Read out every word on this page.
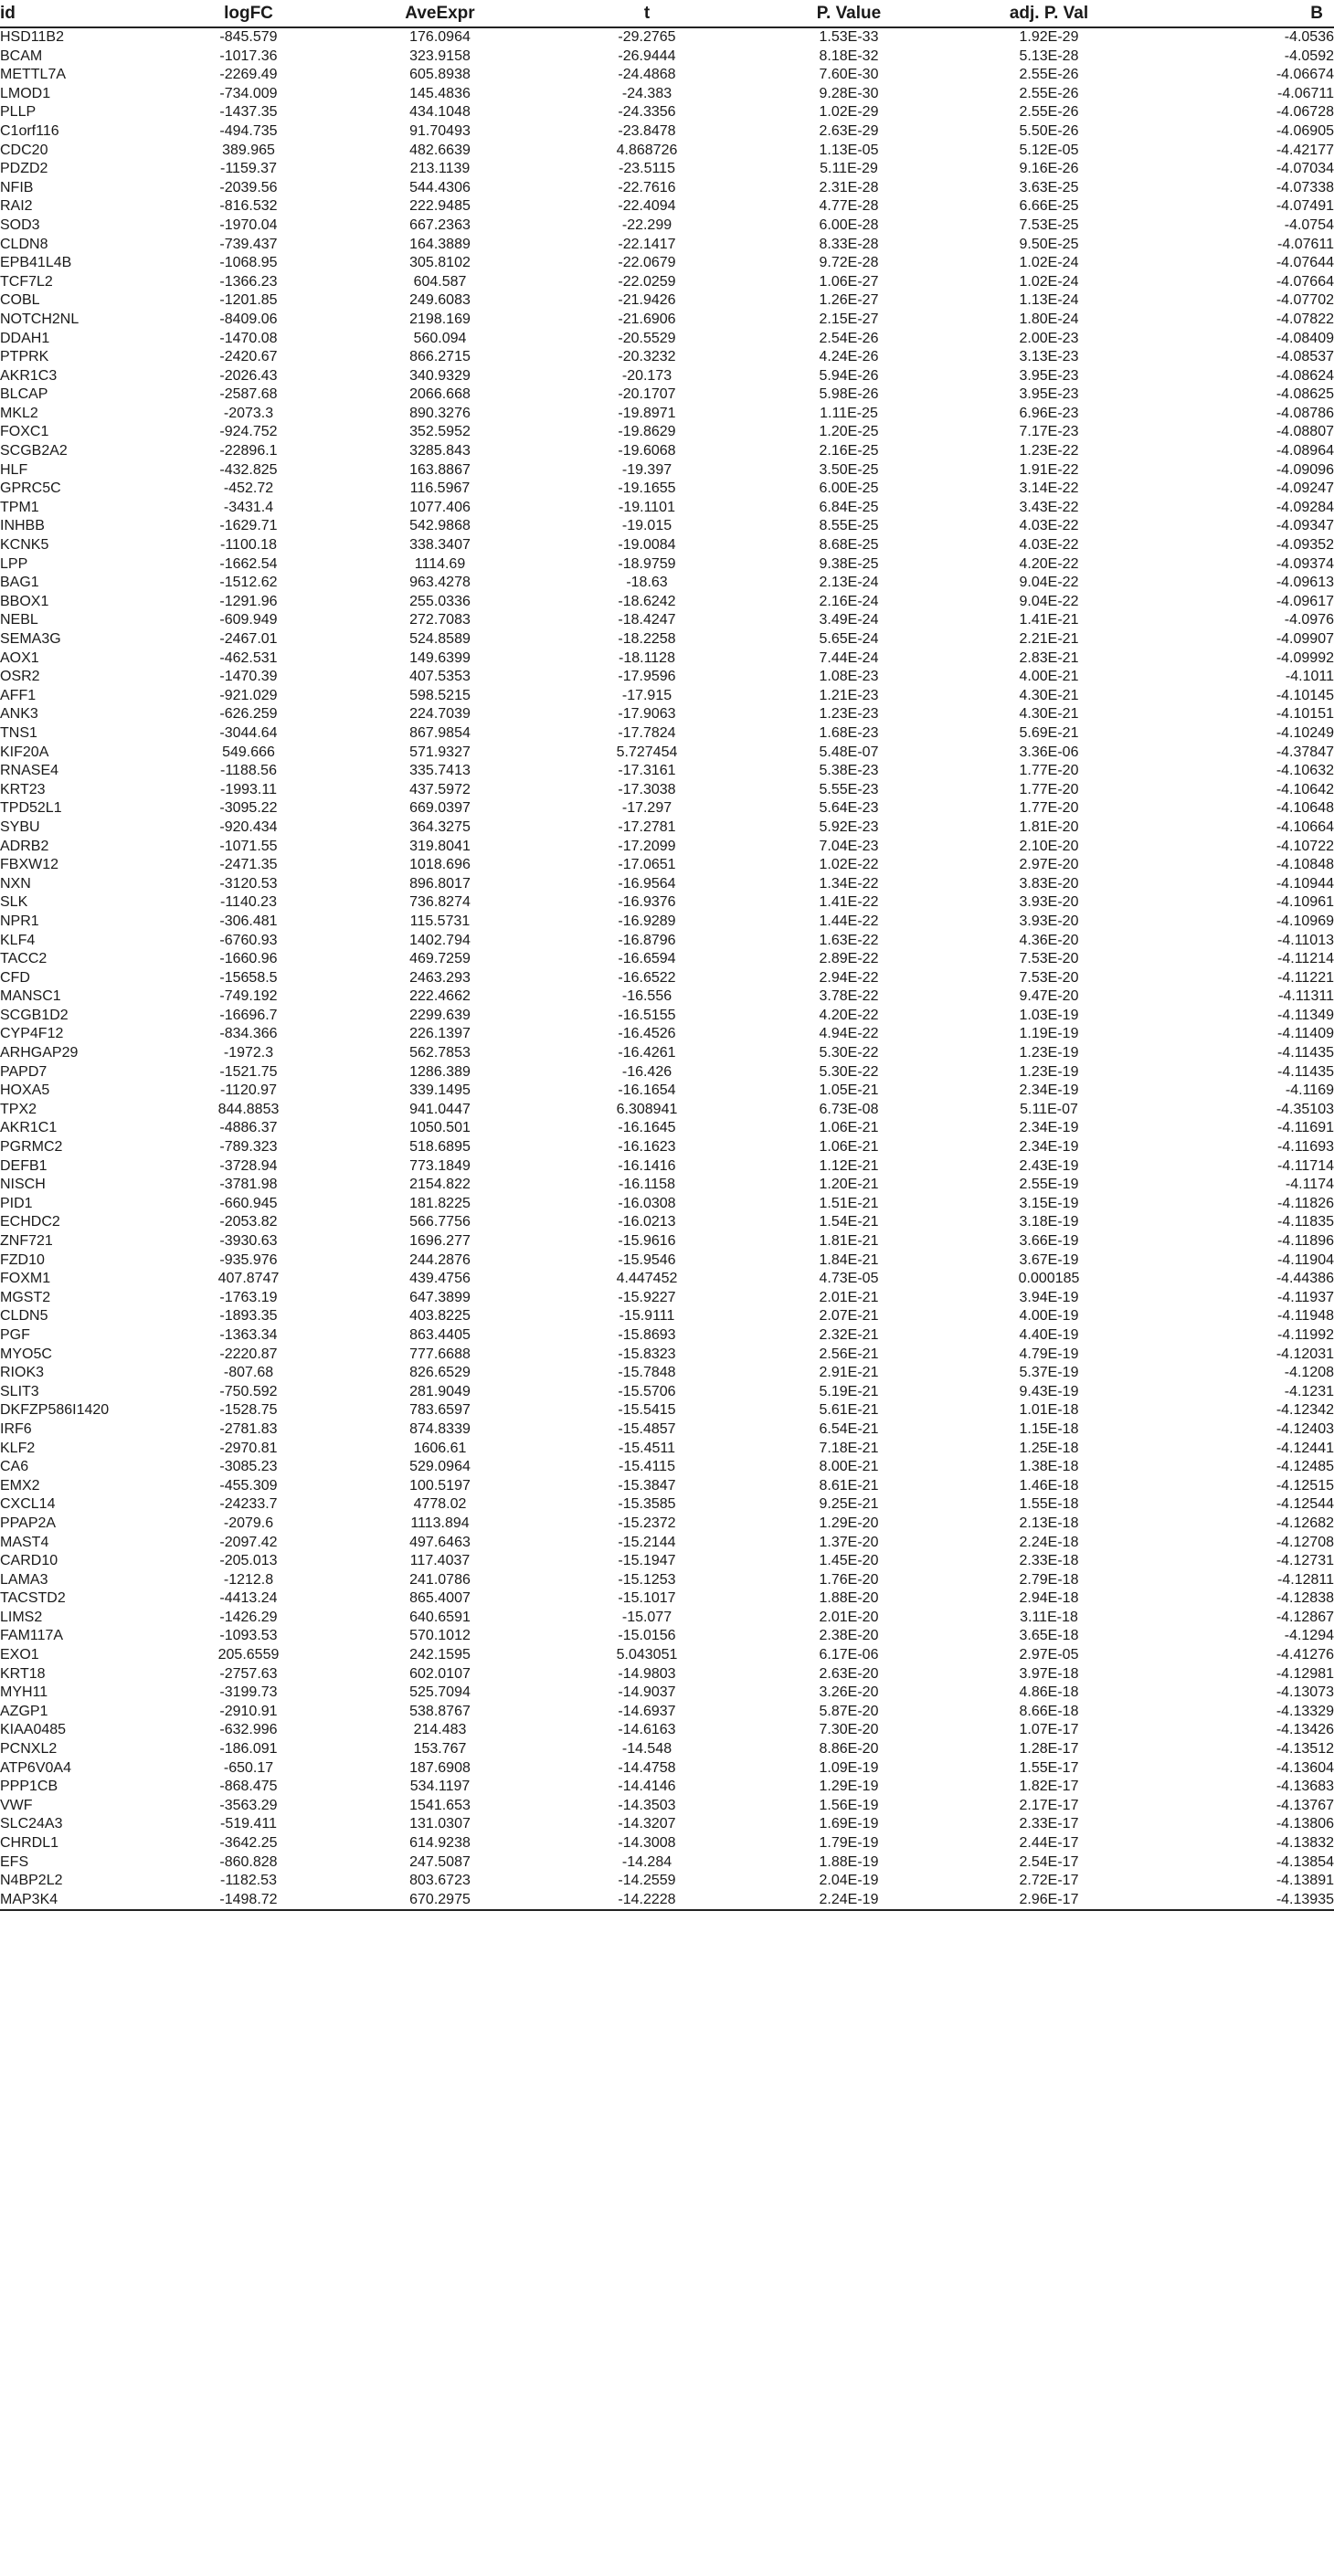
id	logFC	AveExpr	t	P. Value	adj. P. Val	B
HSD11B2	-845.579	176.0964	-29.2765	1.53E-33	1.92E-29	-4.0536
BCAM	-1017.36	323.9158	-26.9444	8.18E-32	5.13E-28	-4.0592
METTL7A	-2269.49	605.8938	-24.4868	7.60E-30	2.55E-26	-4.06674
LMOD1	-734.009	145.4836	-24.383	9.28E-30	2.55E-26	-4.06711
PLLP	-1437.35	434.1048	-24.3356	1.02E-29	2.55E-26	-4.06728
C1orf116	-494.735	91.70493	-23.8478	2.63E-29	5.50E-26	-4.06905
CDC20	389.965	482.6639	4.868726	1.13E-05	5.12E-05	-4.42177
PDZD2	-1159.37	213.1139	-23.5115	5.11E-29	9.16E-26	-4.07034
NFIB	-2039.56	544.4306	-22.7616	2.31E-28	3.63E-25	-4.07338
RAI2	-816.532	222.9485	-22.4094	4.77E-28	6.66E-25	-4.07491
SOD3	-1970.04	667.2363	-22.299	6.00E-28	7.53E-25	-4.0754
CLDN8	-739.437	164.3889	-22.1417	8.33E-28	9.50E-25	-4.07611
EPB41L4B	-1068.95	305.8102	-22.0679	9.72E-28	1.02E-24	-4.07644
TCF7L2	-1366.23	604.587	-22.0259	1.06E-27	1.02E-24	-4.07664
COBL	-1201.85	249.6083	-21.9426	1.26E-27	1.13E-24	-4.07702
NOTCH2NL	-8409.06	2198.169	-21.6906	2.15E-27	1.80E-24	-4.07822
DDAH1	-1470.08	560.094	-20.5529	2.54E-26	2.00E-23	-4.08409
PTPRK	-2420.67	866.2715	-20.3232	4.24E-26	3.13E-23	-4.08537
AKR1C3	-2026.43	340.9329	-20.173	5.94E-26	3.95E-23	-4.08624
BLCAP	-2587.68	2066.668	-20.1707	5.98E-26	3.95E-23	-4.08625
MKL2	-2073.3	890.3276	-19.8971	1.11E-25	6.96E-23	-4.08786
FOXC1	-924.752	352.5952	-19.8629	1.20E-25	7.17E-23	-4.08807
SCGB2A2	-22896.1	3285.843	-19.6068	2.16E-25	1.23E-22	-4.08964
HLF	-432.825	163.8867	-19.397	3.50E-25	1.91E-22	-4.09096
GPRC5C	-452.72	116.5967	-19.1655	6.00E-25	3.14E-22	-4.09247
TPM1	-3431.4	1077.406	-19.1101	6.84E-25	3.43E-22	-4.09284
INHBB	-1629.71	542.9868	-19.015	8.55E-25	4.03E-22	-4.09347
KCNK5	-1100.18	338.3407	-19.0084	8.68E-25	4.03E-22	-4.09352
LPP	-1662.54	1114.69	-18.9759	9.38E-25	4.20E-22	-4.09374
BAG1	-1512.62	963.4278	-18.63	2.13E-24	9.04E-22	-4.09613
BBOX1	-1291.96	255.0336	-18.6242	2.16E-24	9.04E-22	-4.09617
NEBL	-609.949	272.7083	-18.4247	3.49E-24	1.41E-21	-4.0976
SEMA3G	-2467.01	524.8589	-18.2258	5.65E-24	2.21E-21	-4.09907
AOX1	-462.531	149.6399	-18.1128	7.44E-24	2.83E-21	-4.09992
OSR2	-1470.39	407.5353	-17.9596	1.08E-23	4.00E-21	-4.1011
AFF1	-921.029	598.5215	-17.915	1.21E-23	4.30E-21	-4.10145
ANK3	-626.259	224.7039	-17.9063	1.23E-23	4.30E-21	-4.10151
TNS1	-3044.64	867.9854	-17.7824	1.68E-23	5.69E-21	-4.10249
KIF20A	549.666	571.9327	5.727454	5.48E-07	3.36E-06	-4.37847
RNASE4	-1188.56	335.7413	-17.3161	5.38E-23	1.77E-20	-4.10632
KRT23	-1993.11	437.5972	-17.3038	5.55E-23	1.77E-20	-4.10642
TPD52L1	-3095.22	669.0397	-17.297	5.64E-23	1.77E-20	-4.10648
SYBU	-920.434	364.3275	-17.2781	5.92E-23	1.81E-20	-4.10664
ADRB2	-1071.55	319.8041	-17.2099	7.04E-23	2.10E-20	-4.10722
FBXW12	-2471.35	1018.696	-17.0651	1.02E-22	2.97E-20	-4.10848
NXN	-3120.53	896.8017	-16.9564	1.34E-22	3.83E-20	-4.10944
SLK	-1140.23	736.8274	-16.9376	1.41E-22	3.93E-20	-4.10961
NPR1	-306.481	115.5731	-16.9289	1.44E-22	3.93E-20	-4.10969
KLF4	-6760.93	1402.794	-16.8796	1.63E-22	4.36E-20	-4.11013
TACC2	-1660.96	469.7259	-16.6594	2.89E-22	7.53E-20	-4.11214
CFD	-15658.5	2463.293	-16.6522	2.94E-22	7.53E-20	-4.11221
MANSC1	-749.192	222.4662	-16.556	3.78E-22	9.47E-20	-4.11311
SCGB1D2	-16696.7	2299.639	-16.5155	4.20E-22	1.03E-19	-4.11349
CYP4F12	-834.366	226.1397	-16.4526	4.94E-22	1.19E-19	-4.11409
ARHGAP29	-1972.3	562.7853	-16.4261	5.30E-22	1.23E-19	-4.11435
PAPD7	-1521.75	1286.389	-16.426	5.30E-22	1.23E-19	-4.11435
HOXA5	-1120.97	339.1495	-16.1654	1.05E-21	2.34E-19	-4.1169
TPX2	844.8853	941.0447	6.308941	6.73E-08	5.11E-07	-4.35103
AKR1C1	-4886.37	1050.501	-16.1645	1.06E-21	2.34E-19	-4.11691
PGRMC2	-789.323	518.6895	-16.1623	1.06E-21	2.34E-19	-4.11693
DEFB1	-3728.94	773.1849	-16.1416	1.12E-21	2.43E-19	-4.11714
NISCH	-3781.98	2154.822	-16.1158	1.20E-21	2.55E-19	-4.1174
PID1	-660.945	181.8225	-16.0308	1.51E-21	3.15E-19	-4.11826
ECHDC2	-2053.82	566.7756	-16.0213	1.54E-21	3.18E-19	-4.11835
ZNF721	-3930.63	1696.277	-15.9616	1.81E-21	3.66E-19	-4.11896
FZD10	-935.976	244.2876	-15.9546	1.84E-21	3.67E-19	-4.11904
FOXM1	407.8747	439.4756	4.447452	4.73E-05	0.000185	-4.44386
MGST2	-1763.19	647.3899	-15.9227	2.01E-21	3.94E-19	-4.11937
CLDN5	-1893.35	403.8225	-15.9111	2.07E-21	4.00E-19	-4.11948
PGF	-1363.34	863.4405	-15.8693	2.32E-21	4.40E-19	-4.11992
MYO5C	-2220.87	777.6688	-15.8323	2.56E-21	4.79E-19	-4.12031
RIOK3	-807.68	826.6529	-15.7848	2.91E-21	5.37E-19	-4.1208
SLIT3	-750.592	281.9049	-15.5706	5.19E-21	9.43E-19	-4.1231
DKFZP586I1420	-1528.75	783.6597	-15.5415	5.61E-21	1.01E-18	-4.12342
IRF6	-2781.83	874.8339	-15.4857	6.54E-21	1.15E-18	-4.12403
KLF2	-2970.81	1606.61	-15.4511	7.18E-21	1.25E-18	-4.12441
CA6	-3085.23	529.0964	-15.4115	8.00E-21	1.38E-18	-4.12485
EMX2	-455.309	100.5197	-15.3847	8.61E-21	1.46E-18	-4.12515
CXCL14	-24233.7	4778.02	-15.3585	9.25E-21	1.55E-18	-4.12544
PPAP2A	-2079.6	1113.894	-15.2372	1.29E-20	2.13E-18	-4.12682
MAST4	-2097.42	497.6463	-15.2144	1.37E-20	2.24E-18	-4.12708
CARD10	-205.013	117.4037	-15.1947	1.45E-20	2.33E-18	-4.12731
LAMA3	-1212.8	241.0786	-15.1253	1.76E-20	2.79E-18	-4.12811
TACSTD2	-4413.24	865.4007	-15.1017	1.88E-20	2.94E-18	-4.12838
LIMS2	-1426.29	640.6591	-15.077	2.01E-20	3.11E-18	-4.12867
FAM117A	-1093.53	570.1012	-15.0156	2.38E-20	3.65E-18	-4.1294
EXO1	205.6559	242.1595	5.043051	6.17E-06	2.97E-05	-4.41276
KRT18	-2757.63	602.0107	-14.9803	2.63E-20	3.97E-18	-4.12981
MYH11	-3199.73	525.7094	-14.9037	3.26E-20	4.86E-18	-4.13073
AZGP1	-2910.91	538.8767	-14.6937	5.87E-20	8.66E-18	-4.13329
KIAA0485	-632.996	214.483	-14.6163	7.30E-20	1.07E-17	-4.13426
PCNXL2	-186.091	153.767	-14.548	8.86E-20	1.28E-17	-4.13512
ATP6V0A4	-650.17	187.6908	-14.4758	1.09E-19	1.55E-17	-4.13604
PPP1CB	-868.475	534.1197	-14.4146	1.29E-19	1.82E-17	-4.13683
VWF	-3563.29	1541.653	-14.3503	1.56E-19	2.17E-17	-4.13767
SLC24A3	-519.411	131.0307	-14.3207	1.69E-19	2.33E-17	-4.13806
CHRDL1	-3642.25	614.9238	-14.3008	1.79E-19	2.44E-17	-4.13832
EFS	-860.828	247.5087	-14.284	1.88E-19	2.54E-17	-4.13854
N4BP2L2	-1182.53	803.6723	-14.2559	2.04E-19	2.72E-17	-4.13891
MAP3K4	-1498.72	670.2975	-14.2228	2.24E-19	2.96E-17	-4.13935
